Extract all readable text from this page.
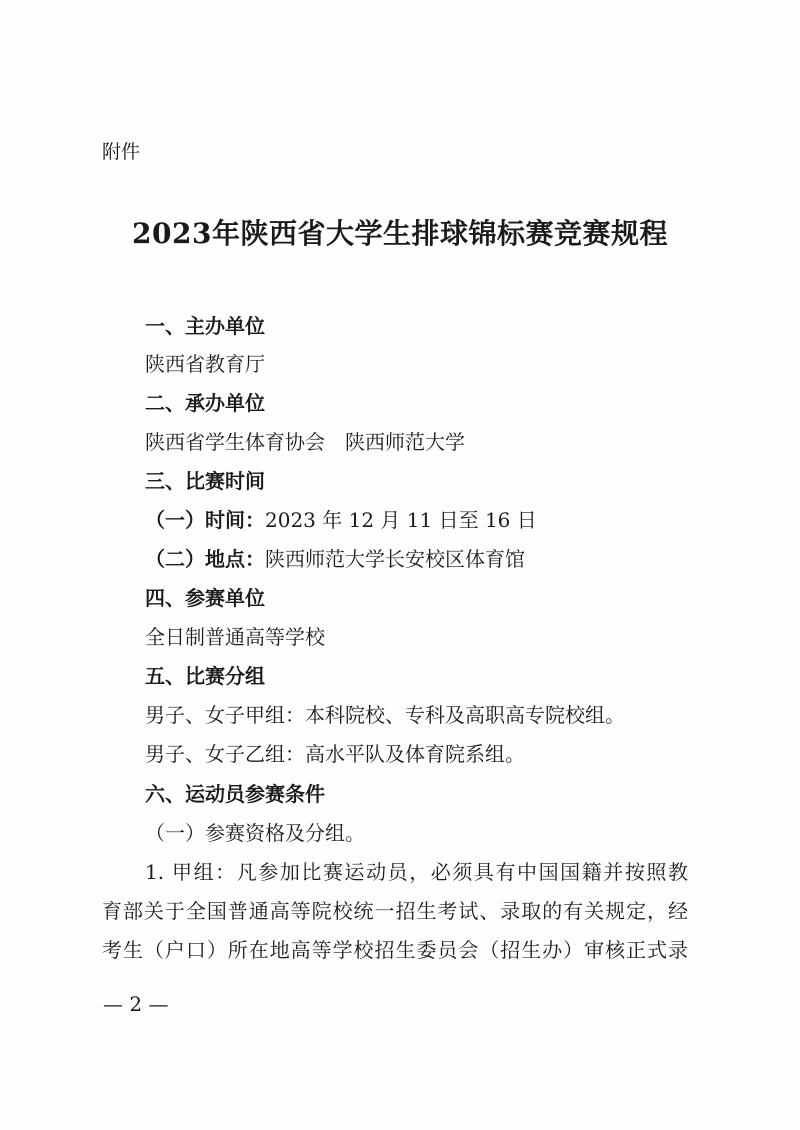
附件
2023年陕西省大学生排球锦标赛竞赛规程
一、主办单位
陕西省教育厅
二、承办单位
陕西省学生体育协会　陕西师范大学
三、比赛时间
（一）时间：2023 年 12 月 11 日至 16 日
（二）地点：陕西师范大学长安校区体育馆
四、参赛单位
全日制普通高等学校
五、比赛分组
男子、女子甲组：本科院校、专科及高职高专院校组。
男子、女子乙组：高水平队及体育院系组。
六、运动员参赛条件
（一）参赛资格及分组。
1. 甲组：凡参加比赛运动员，必须具有中国国籍并按照教
育部关于全国普通高等院校统一招生考试、录取的有关规定，经
考生（户口）所在地高等学校招生委员会（招生办）审核正式录
— 2 —
